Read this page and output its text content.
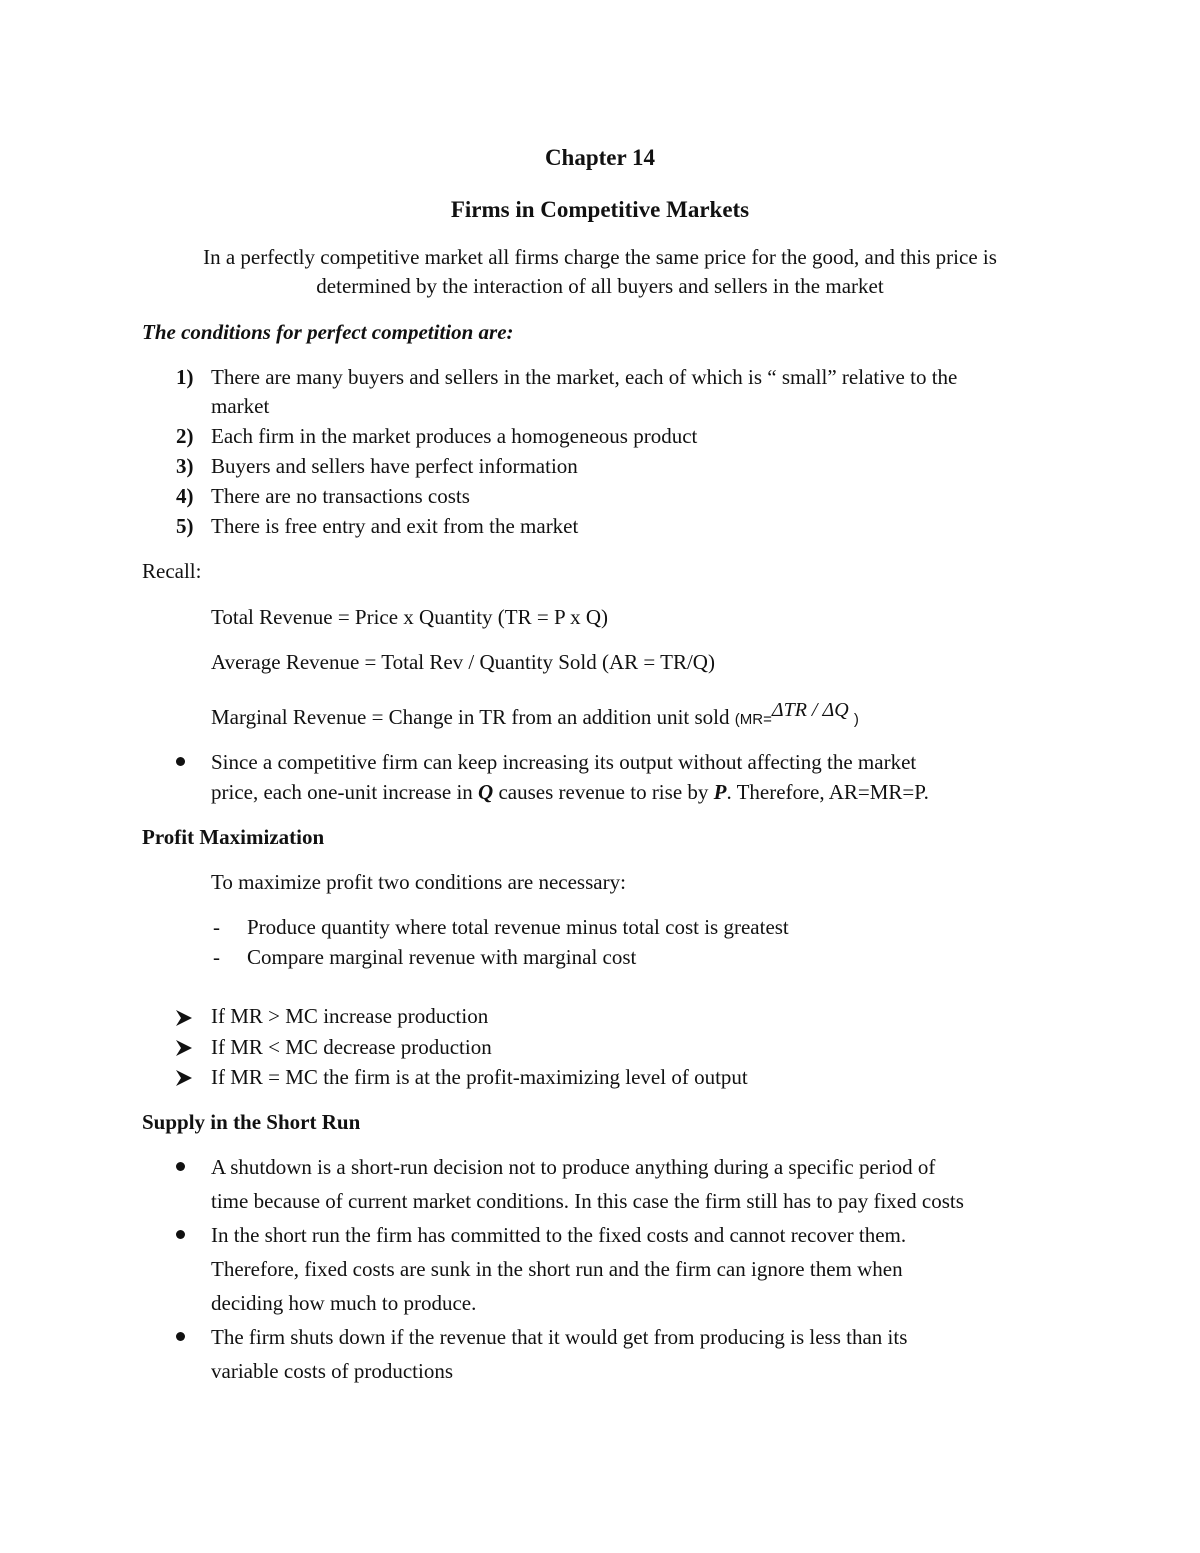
Chapter 14
Firms in Competitive Markets
In a perfectly competitive market all firms charge the same price for the good, and this price is
determined by the interaction of all buyers and sellers in the market
The conditions for perfect competition are:
1) There are many buyers and sellers in the market, each of which is “ small” relative to the
market
2) Each firm in the market produces a homogeneous product
3) Buyers and sellers have perfect information
4) There are no transactions costs
5) There is free entry and exit from the market
Recall:
Total Revenue = Price x Quantity (TR = P x Q)
Average Revenue = Total Rev / Quantity Sold (AR = TR/Q)
Marginal Revenue = Change in TR from an addition unit sold (MR=ΔTR / ΔQ )
Since a competitive firm can keep increasing its output without affecting the market
price, each one-unit increase in Q causes revenue to rise by P. Therefore, AR=MR=P.
Profit Maximization
To maximize profit two conditions are necessary:
- Produce quantity where total revenue minus total cost is greatest
- Compare marginal revenue with marginal cost
If MR > MC increase production
If MR < MC decrease production
If MR = MC the firm is at the profit-maximizing level of output
Supply in the Short Run
A shutdown is a short-run decision not to produce anything during a specific period of
time because of current market conditions. In this case the firm still has to pay fixed costs
In the short run the firm has committed to the fixed costs and cannot recover them.
Therefore, fixed costs are sunk in the short run and the firm can ignore them when
deciding how much to produce.
The firm shuts down if the revenue that it would get from producing is less than its
variable costs of productions
